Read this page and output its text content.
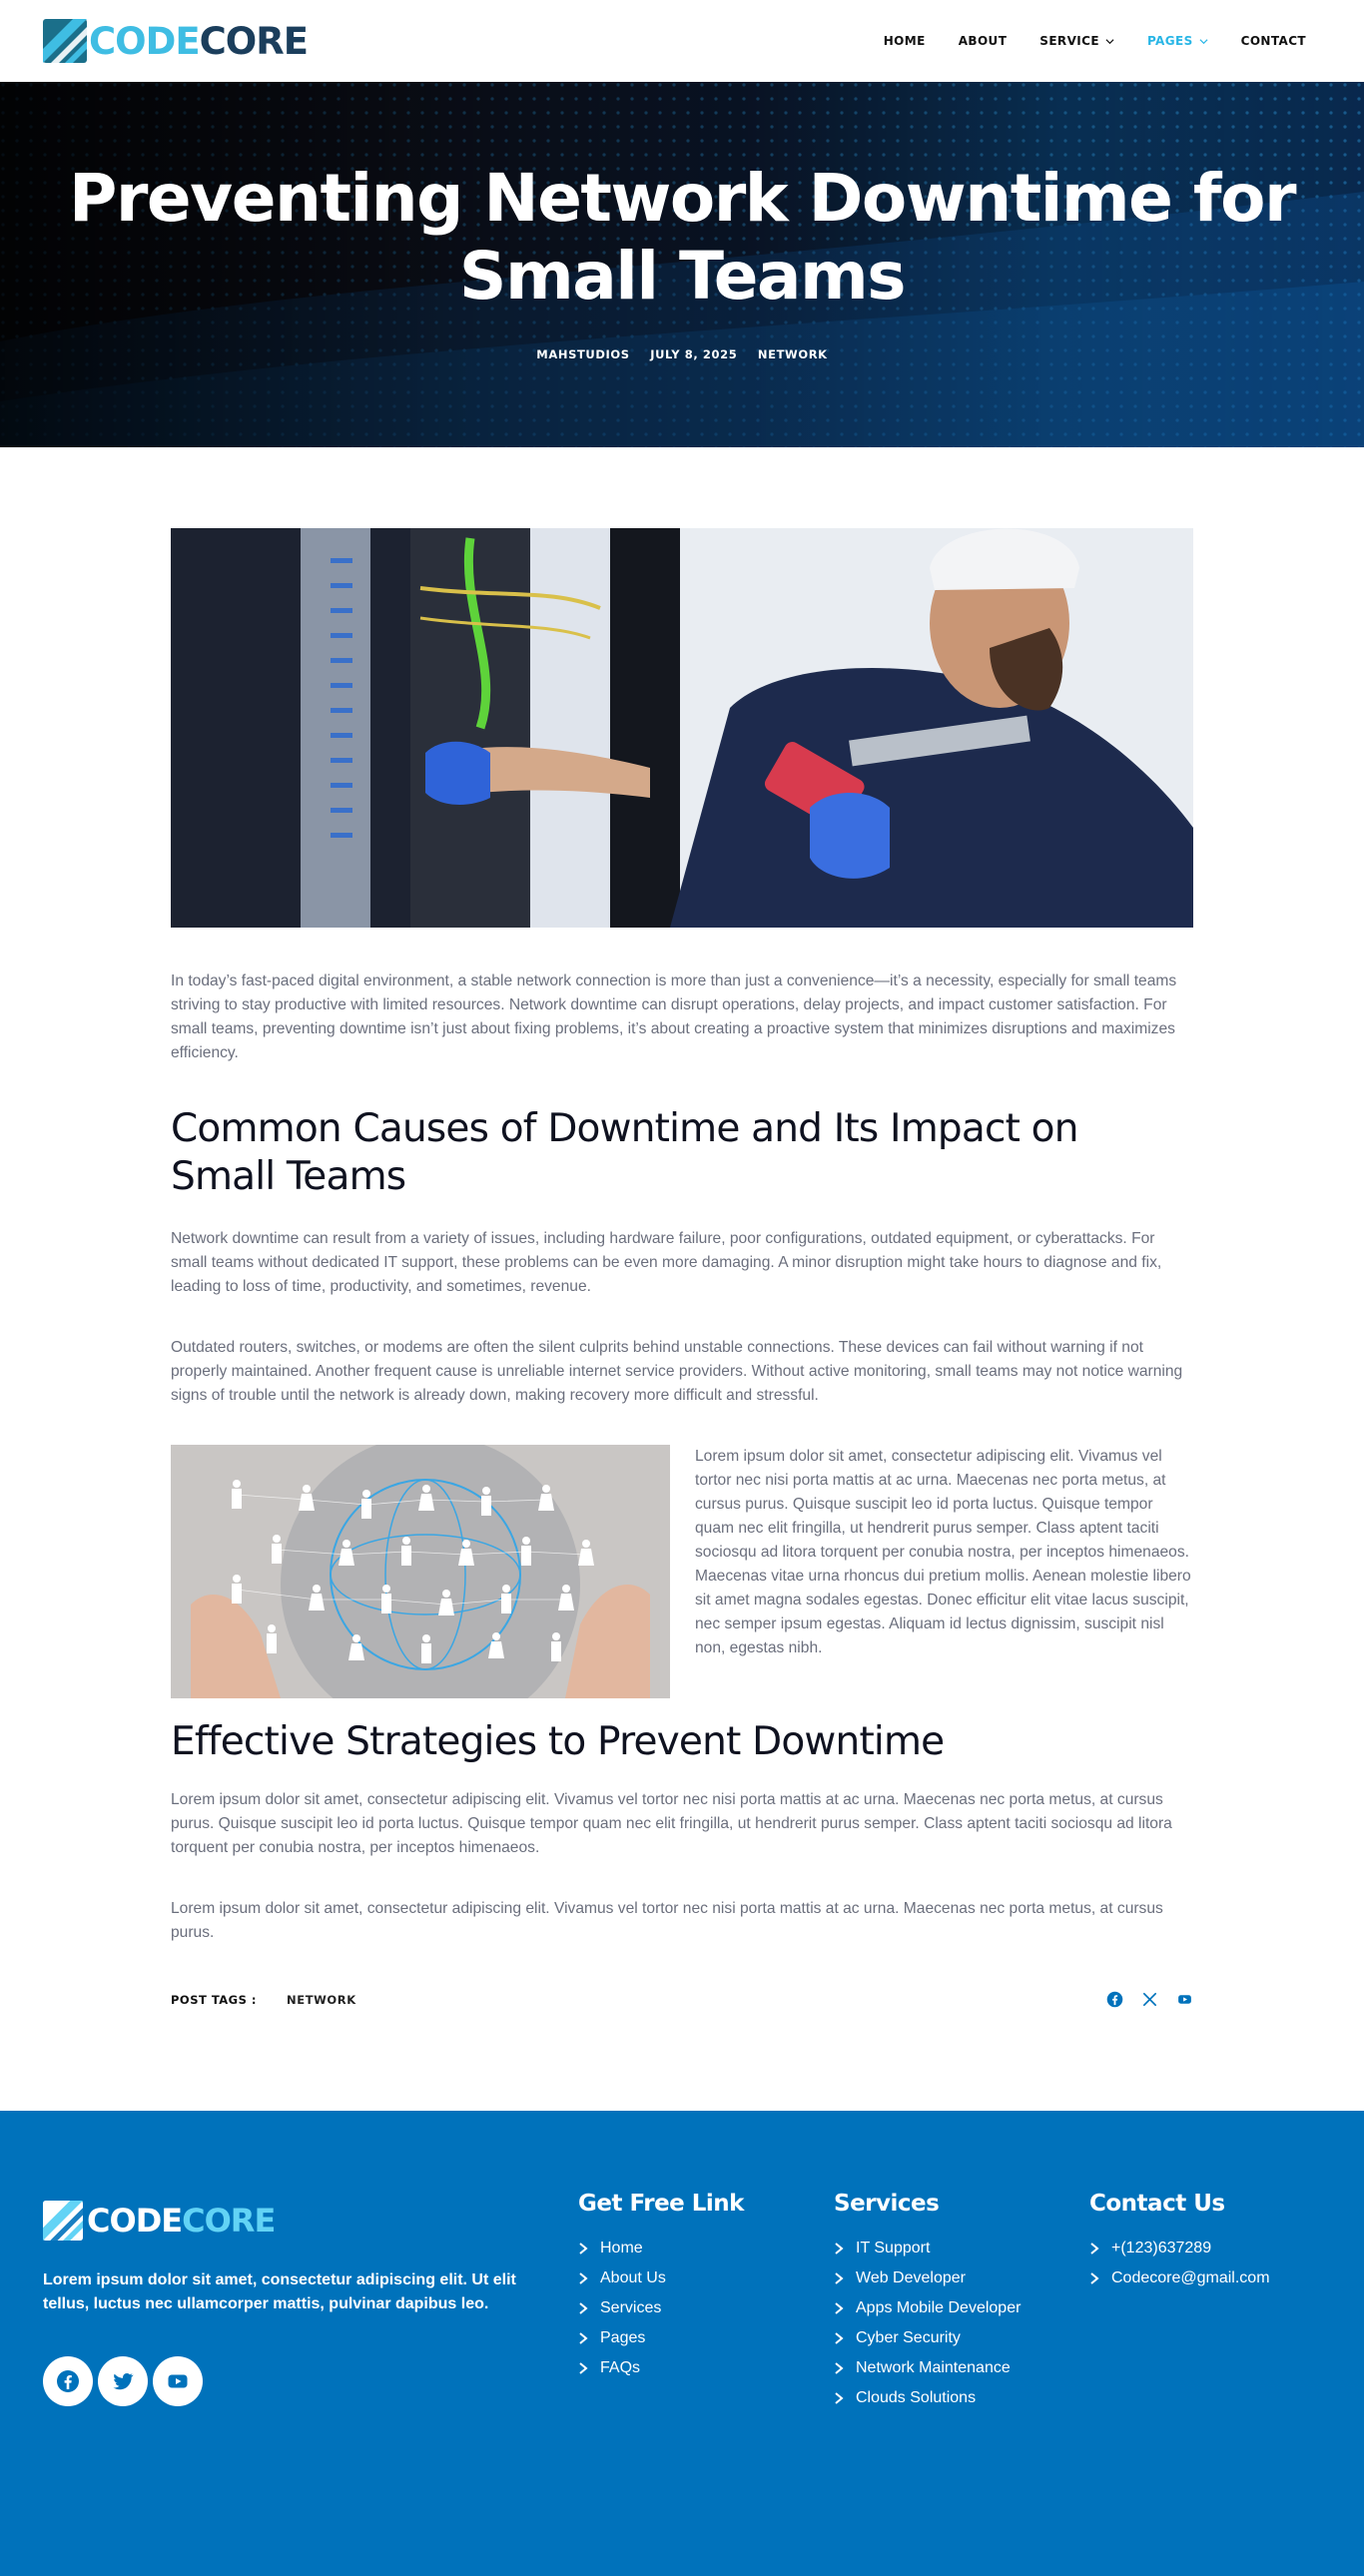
CODECORE	HOME	ABOUT	SERVICE	PAGES	CONTACT
Preventing Network Downtime for Small Teams
MAHSTUDIOS JULY 8, 2025 NETWORK

In today’s fast-paced digital environment, a stable network connection is more than just a convenience—it’s a necessity, especially for small teams striving to stay productive with limited resources. Network downtime can disrupt operations, delay projects, and impact customer satisfaction. For small teams, preventing downtime isn’t just about fixing problems, it’s about creating a proactive system that minimizes disruptions and maximizes efficiency.

Common Causes of Downtime and Its Impact on Small Teams

Network downtime can result from a variety of issues, including hardware failure, poor configurations, outdated equipment, or cyberattacks. For small teams without dedicated IT support, these problems can be even more damaging. A minor disruption might take hours to diagnose and fix, leading to loss of time, productivity, and sometimes, revenue.

Outdated routers, switches, or modems are often the silent culprits behind unstable connections. These devices can fail without warning if not properly maintained. Another frequent cause is unreliable internet service providers. Without active monitoring, small teams may not notice warning signs of trouble until the network is already down, making recovery more difficult and stressful.

Lorem ipsum dolor sit amet, consectetur adipiscing elit. Vivamus vel tortor nec nisi porta mattis at ac urna. Maecenas nec porta metus, at cursus purus. Quisque suscipit leo id porta luctus. Quisque tempor quam nec elit fringilla, ut hendrerit purus semper. Class aptent taciti sociosqu ad litora torquent per conubia nostra, per inceptos himenaeos. Maecenas vitae urna rhoncus dui pretium mollis. Aenean molestie libero sit amet magna sodales egestas. Donec efficitur elit vitae lacus suscipit, nec semper ipsum egestas. Aliquam id lectus dignissim, suscipit nisl non, egestas nibh.

Effective Strategies to Prevent Downtime

Lorem ipsum dolor sit amet, consectetur adipiscing elit. Vivamus vel tortor nec nisi porta mattis at ac urna. Maecenas nec porta metus, at cursus purus. Quisque suscipit leo id porta luctus. Quisque tempor quam nec elit fringilla, ut hendrerit purus semper. Class aptent taciti sociosqu ad litora torquent per conubia nostra, per inceptos himenaeos.

Lorem ipsum dolor sit amet, consectetur adipiscing elit. Vivamus vel tortor nec nisi porta mattis at ac urna. Maecenas nec porta metus, at cursus purus.

POST TAGS :	NETWORK
CODECORE

Lorem ipsum dolor sit amet, consectetur adipiscing elit. Ut elit tellus, luctus nec ullamcorper mattis, pulvinar dapibus leo.

Get Free Link
Home
About Us
Services
Pages
FAQs
Services
IT Support
Web Developer
Apps Mobile Developer
Cyber Security
Network Maintenance
Clouds Solutions
Contact Us
+(123)637289
Codecore@gmail.com
